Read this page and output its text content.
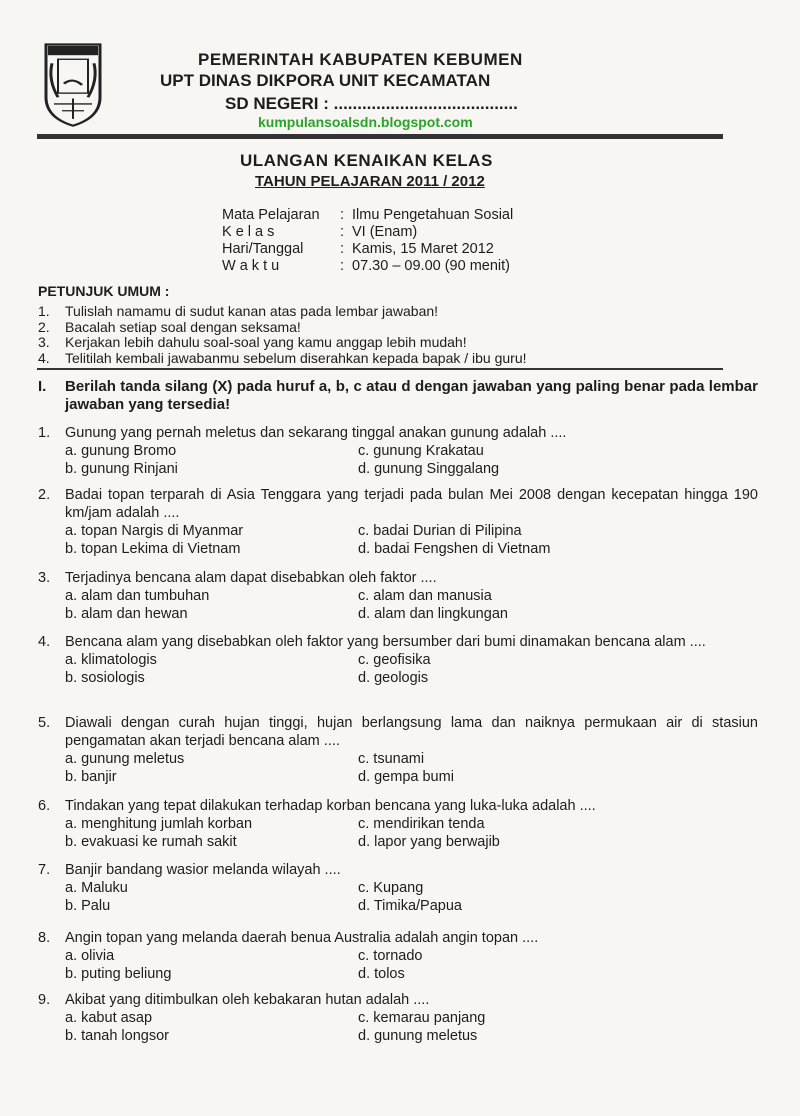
PEMERINTAH KABUPATEN KEBUMEN
UPT DINAS DIKPORA UNIT KECAMATAN
SD NEGERI : .......................................
kumpulansoalsdn.blogspot.com
ULANGAN KENAIKAN KELAS
TAHUN PELAJARAN 2011 / 2012
Mata Pelajaran	: Ilmu Pengetahuan Sosial
K e l a s	: VI (Enam)
Hari/Tanggal	: Kamis, 15 Maret 2012
W a k t u	: 07.30 – 09.00 (90 menit)
PETUNJUK UMUM :
1.	Tulislah namamu di sudut kanan atas pada lembar jawaban!
2.	Bacalah setiap soal dengan seksama!
3.	Kerjakan lebih dahulu soal-soal yang kamu anggap lebih mudah!
4.	Telitilah kembali jawabanmu sebelum diserahkan kepada bapak / ibu guru!
I. Berilah tanda silang (X) pada huruf a, b, c atau d dengan jawaban yang paling benar pada lembar jawaban yang tersedia!
1. Gunung yang pernah meletus dan sekarang tinggal anakan gunung adalah ....
a. gunung Bromo	c. gunung Krakatau
b. gunung Rinjani	d. gunung Singgalang
2. Badai topan terparah di Asia Tenggara yang terjadi pada bulan Mei 2008 dengan kecepatan hingga 190 km/jam adalah ....
a. topan Nargis di Myanmar	c. badai Durian di Pilipina
b. topan Lekima di Vietnam	d. badai Fengshen di Vietnam
3. Terjadinya bencana alam dapat disebabkan oleh faktor ....
a. alam dan tumbuhan	c. alam dan manusia
b. alam dan hewan	d. alam dan lingkungan
4. Bencana alam yang disebabkan oleh faktor yang bersumber dari bumi dinamakan bencana alam ....
a. klimatologis	c. geofisika
b. sosiologis	d. geologis
5. Diawali dengan curah hujan tinggi, hujan berlangsung lama dan naiknya permukaan air di stasiun pengamatan akan terjadi bencana alam ....
a. gunung meletus	c. tsunami
b. banjir	d. gempa bumi
6. Tindakan yang tepat dilakukan terhadap korban bencana yang luka-luka adalah ....
a. menghitung jumlah korban	c. mendirikan tenda
b. evakuasi ke rumah sakit	d. lapor yang berwajib
7. Banjir bandang wasior melanda wilayah ....
a. Maluku	c. Kupang
b. Palu	d. Timika/Papua
8. Angin topan yang melanda daerah benua Australia adalah angin topan ....
a. olivia	c. tornado
b. puting beliung	d. tolos
9. Akibat yang ditimbulkan oleh kebakaran hutan adalah ....
a. kabut asap	c. kemarau panjang
b. tanah longsor	d. gunung meletus
